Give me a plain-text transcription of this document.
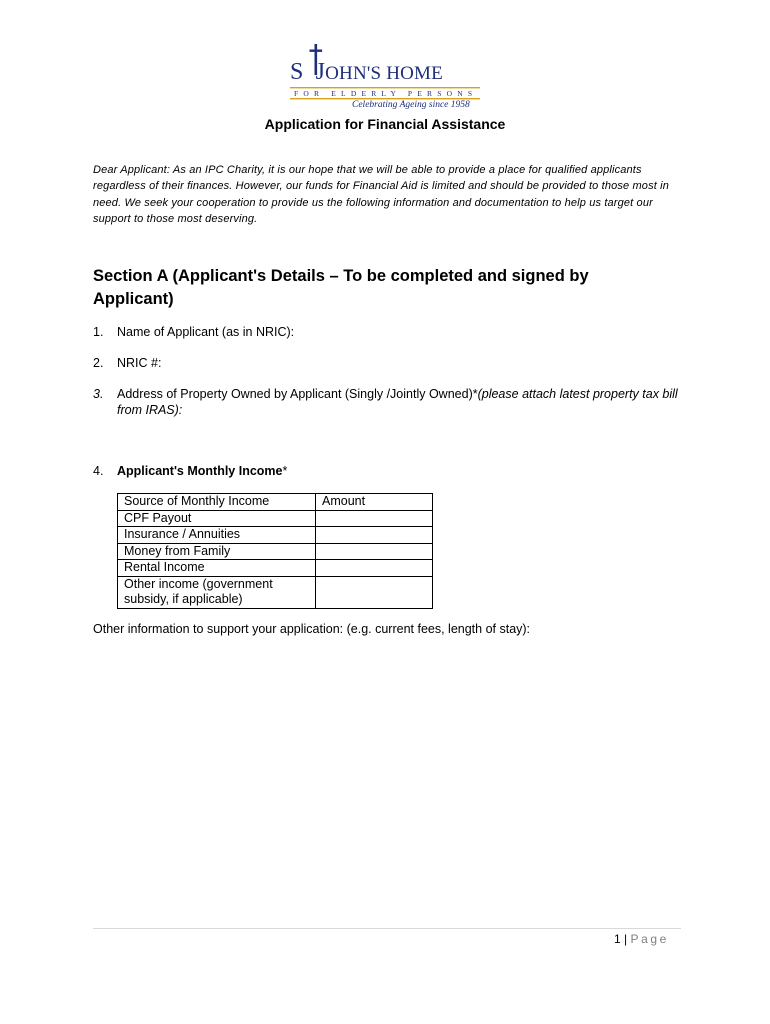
S JOHN'S HOME
FOR ELDERLY PERSONS
Celebrating Ageing since 1958
Application for Financial Assistance
Dear Applicant: As an IPC Charity, it is our hope that we will be able to provide a place for qualified applicants regardless of their finances. However, our funds for Financial Aid is limited and should be provided to those most in need. We seek your cooperation to provide us the following information and documentation to help us target our support to those most deserving.
Section A (Applicant's Details – To be completed and signed by Applicant)
1. Name of Applicant (as in NRIC):
2. NRIC #:
3. Address of Property Owned by Applicant (Singly /Jointly Owned)*(please attach latest property tax bill from IRAS):
4. Applicant's Monthly Income*
Source of Monthly Income	Amount
CPF Payout	
Insurance / Annuities	
Money from Family	
Rental Income	
Other income (government subsidy, if applicable)	
Other information to support your application: (e.g. current fees, length of stay):
1 | Page
